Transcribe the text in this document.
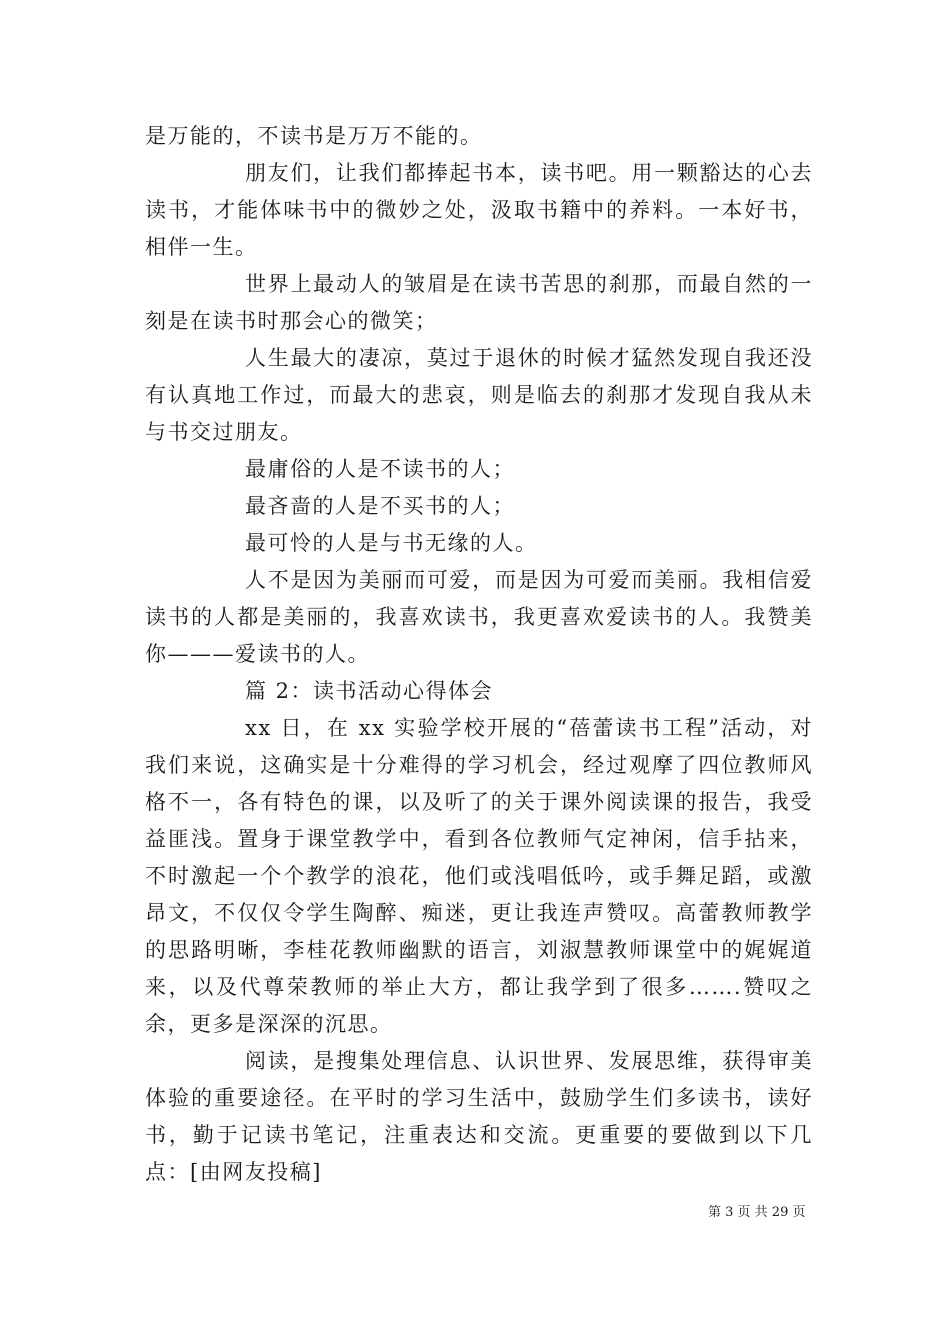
是万能的，不读书是万万不能的。

朋友们，让我们都捧起书本，读书吧。用一颗豁达的心去读书，才能体味书中的微妙之处，汲取书籍中的养料。一本好书，相伴一生。

世界上最动人的皱眉是在读书苦思的刹那，而最自然的一刻是在读书时那会心的微笑；

人生最大的凄凉，莫过于退休的时候才猛然发现自我还没有认真地工作过，而最大的悲哀，则是临去的刹那才发现自我从未与书交过朋友。

最庸俗的人是不读书的人；

最吝啬的人是不买书的人；

最可怜的人是与书无缘的人。

人不是因为美丽而可爱，而是因为可爱而美丽。我相信爱读书的人都是美丽的，我喜欢读书，我更喜欢爱读书的人。我赞美你———爱读书的人。

篇 2：读书活动心得体会

xx 日，在 xx 实验学校开展的“蓓蕾读书工程”活动，对我们来说，这确实是十分难得的学习机会，经过观摩了四位教师风格不一，各有特色的课，以及听了的关于课外阅读课的报告，我受益匪浅。置身于课堂教学中，看到各位教师气定神闲，信手拈来，不时激起一个个教学的浪花，他们或浅唱低吟，或手舞足蹈，或激昂文，不仅仅令学生陶醉、痴迷，更让我连声赞叹。高蕾教师教学的思路明晰，李桂花教师幽默的语言，刘淑慧教师课堂中的娓娓道来，以及代尊荣教师的举止大方，都让我学到了很多…….赞叹之余，更多是深深的沉思。

阅读，是搜集处理信息、认识世界、发展思维，获得审美体验的重要途径。在平时的学习生活中，鼓励学生们多读书，读好书，勤于记读书笔记，注重表达和交流。更重要的要做到以下几点：[由网友投稿]

第 3 页 共 29 页
